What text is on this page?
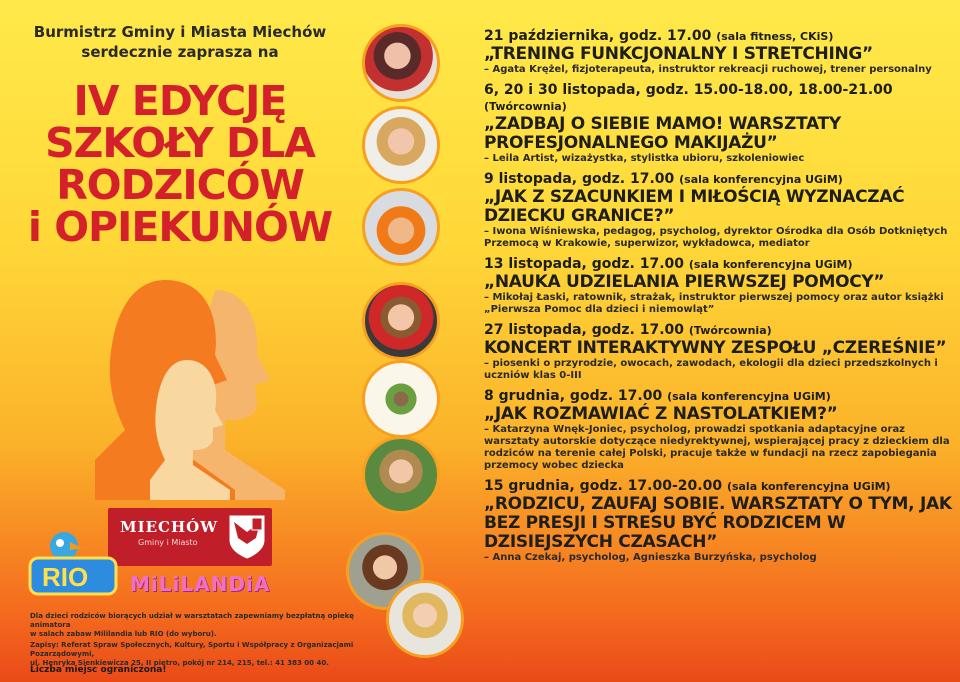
Burmistrz Gminy i Miasta Miechów
serdecznie zaprasza na
IV EDYCJĘ
SZKOŁY DLA
RODZICÓW
i OPIEKUNÓW
MIECHÓW
Gminy i Miasto
RIO MiLiLANDiA

Dla dzieci rodziców biorących udział w warsztatach zapewniamy bezpłatną opiekę animatora
w salach zabaw Mililandia lub RIO (do wyboru).

Zapisy: Referat Spraw Społecznych, Kultury, Sportu i Współpracy z Organizacjami Pozarządowymi,
ul. Henryka Sienkiewicza 25, II piętro, pokój nr 214, 215, tel.: 41 383 00 40.

Liczba miejsc ograniczona!
21 października, godz. 17.00 (sala fitness, CKiS)
„TRENING FUNKCJONALNY I STRETCHING”
– Agata Krężel, fizjoterapeuta, instruktor rekreacji ruchowej, trener personalny
6, 20 i 30 listopada, godz. 15.00-18.00, 18.00-21.00 (Twórcownia)
„ZADBAJ O SIEBIE MAMO! WARSZTATY PROFESJONALNEGO MAKIJAŻU”
– Leila Artist, wizażystka, stylistka ubioru, szkoleniowiec
9 listopada, godz. 17.00 (sala konferencyjna UGiM)
„JAK Z SZACUNKIEM I MIŁOŚCIĄ WYZNACZAĆ DZIECKU GRANICE?”
– Iwona Wiśniewska, pedagog, psycholog, dyrektor Ośrodka dla Osób Dotkniętych Przemocą w Krakowie, superwizor, wykładowca, mediator
13 listopada, godz. 17.00 (sala konferencyjna UGiM)
„NAUKA UDZIELANIA PIERWSZEJ POMOCY”
– Mikołaj Łaski, ratownik, strażak, instruktor pierwszej pomocy oraz autor książki „Pierwsza Pomoc dla dzieci i niemowląt”
27 listopada, godz. 17.00 (Twórcownia)
KONCERT INTERAKTYWNY ZESPOŁU „CZEREŚNIE”
– piosenki o przyrodzie, owocach, zawodach, ekologii dla dzieci przedszkolnych i uczniów klas 0-III
8 grudnia, godz. 17.00 (sala konferencyjna UGiM)
„JAK ROZMAWIAĆ Z NASTOLATKIEM?”
– Katarzyna Wnęk-Joniec, psycholog, prowadzi spotkania adaptacyjne oraz warsztaty autorskie dotyczące niedyrektywnej, wspierającej pracy z dzieckiem dla rodziców na terenie całej Polski, pracuje także w fundacji na rzecz zapobiegania przemocy wobec dziecka
15 grudnia, godz. 17.00-20.00 (sala konferencyjna UGiM)
„RODZICU, ZAUFAJ SOBIE. WARSZTATY O TYM, JAK BEZ PRESJI I STRESU BYĆ RODZICEM W DZISIEJSZYCH CZASACH”
– Anna Czekaj, psycholog, Agnieszka Burzyńska, psycholog
